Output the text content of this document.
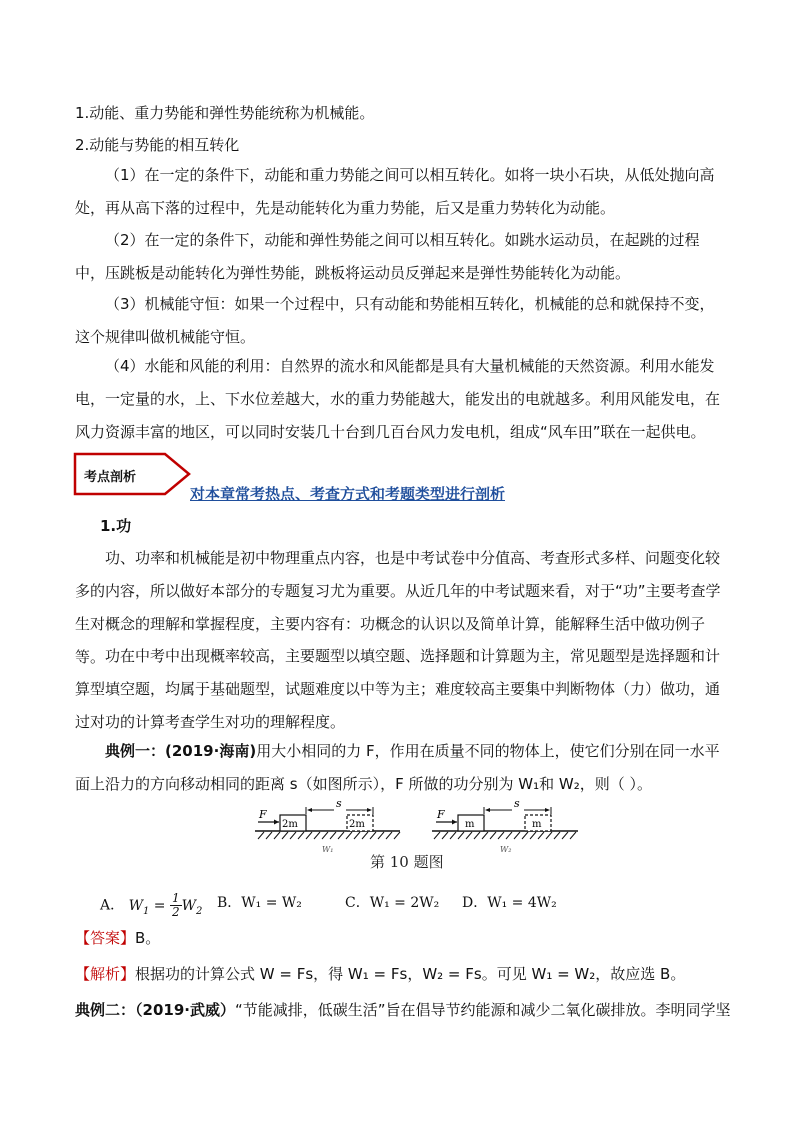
1.动能、重力势能和弹性势能统称为机械能。

2.动能与势能的相互转化

（1）在一定的条件下，动能和重力势能之间可以相互转化。如将一块小石块，从低处抛向高处，再从高下落的过程中，先是动能转化为重力势能，后又是重力势转化为动能。

（2）在一定的条件下，动能和弹性势能之间可以相互转化。如跳水运动员，在起跳的过程中，压跳板是动能转化为弹性势能，跳板将运动员反弹起来是弹性势能转化为动能。

（3）机械能守恒：如果一个过程中，只有动能和势能相互转化，机械能的总和就保持不变，这个规律叫做机械能守恒。

（4）水能和风能的利用：自然界的流水和风能都是具有大量机械能的天然资源。利用水能发电，一定量的水，上、下水位差越大，水的重力势能越大，能发出的电就越多。利用风能发电，在风力资源丰富的地区，可以同时安装几十台到几百台风力发电机，组成“风车田”联在一起供电。

考点剖析
对本章常考热点、考查方式和考题类型进行剖析

1.功

功、功率和机械能是初中物理重点内容，也是中考试卷中分值高、考查形式多样、问题变化较多的内容，所以做好本部分的专题复习尤为重要。从近几年的中考试题来看，对于“功”主要考查学生对概念的理解和掌握程度，主要内容有：功概念的认识以及简单计算，能解释生活中做功例子等。 功在中考中出现概率较高，主要题型以填空题、选择题和计算题为主，常见题型是选择题和计算型填空题，均属于基础题型，试题难度以中等为主；难度较高主要集中判断物体（力）做功，通过对功的计算考查学生对功的理解程度。

典例一：(2019·海南)用大小相同的力 F，作用在质量不同的物体上，使它们分别在同一水平面上沿力的方向移动相同的距离 s（如图所示），F 所做的功分别为 W₁和 W₂，则（ ）。

2m	2m	m	m
F	F
s	s
W₁	W₂
第 10 题图
A． $W_1 = \frac{1}{2} W_2$ B．W₁ = W₂	C．W₁ = 2W₂ D．W₁ = 4W₂

【答案】B。

【解析】根据功的计算公式 W = Fs，得 W₁ = Fs，W₂ = Fs。可见 W₁ = W₂，故应选 B。

典例二：（2019·武威）“节能减排，低碳生活”旨在倡导节约能源和减少二氧化碳排放。李明同学坚
